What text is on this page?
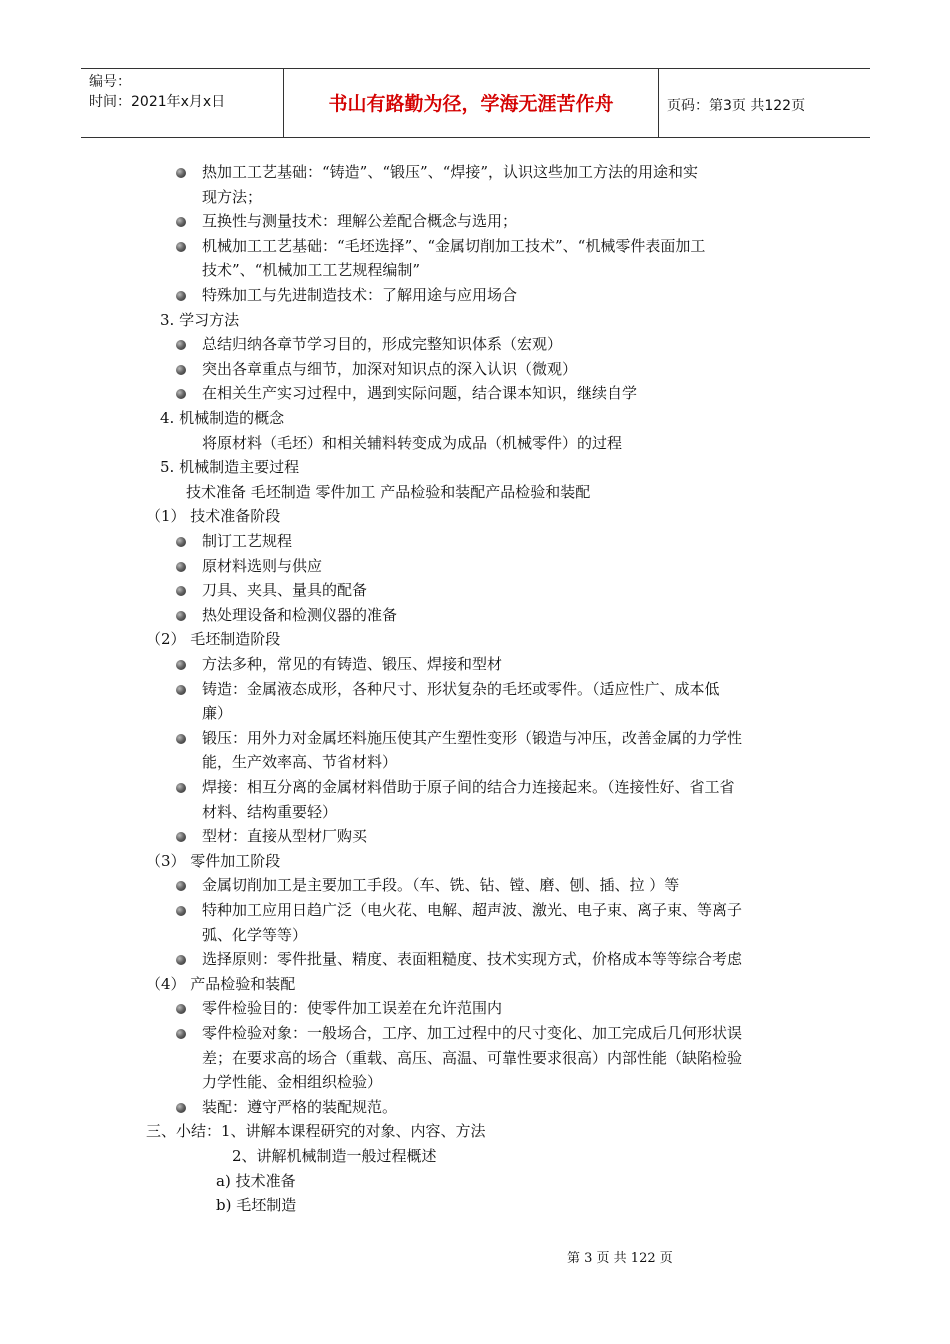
编号：
时间：2021年x月x日	书山有路勤为径，学海无涯苦作舟	页码：第3页 共122页
热加工工艺基础：“铸造”、“锻压”、“焊接”，认识这些加工方法的用途和实
现方法；
互换性与测量技术：理解公差配合概念与选用；
机械加工工艺基础：“毛坯选择”、“金属切削加工技术”、“机械零件表面加工
技术”、“机械加工工艺规程编制”
特殊加工与先进制造技术：了解用途与应用场合
3. 学习方法
总结归纳各章节学习目的，形成完整知识体系（宏观）
突出各章重点与细节，加深对知识点的深入认识（微观）
在相关生产实习过程中，遇到实际问题，结合课本知识，继续自学
4. 机械制造的概念
将原材料（毛坯）和相关辅料转变成为成品（机械零件）的过程
5. 机械制造主要过程
技术准备 毛坯制造 零件加工 产品检验和装配产品检验和装配
（1） 技术准备阶段
制订工艺规程
原材料选则与供应
刀具、夹具、量具的配备
热处理设备和检测仪器的准备
（2） 毛坯制造阶段
方法多种，常见的有铸造、锻压、焊接和型材
铸造：金属液态成形，各种尺寸、形状复杂的毛坯或零件。（适应性广、成本低
廉）
锻压：用外力对金属坯料施压使其产生塑性变形（锻造与冲压，改善金属的力学性
能，生产效率高、节省材料）
焊接：相互分离的金属材料借助于原子间的结合力连接起来。（连接性好、省工省
材料、结构重要轻）
型材：直接从型材厂购买
（3） 零件加工阶段
金属切削加工是主要加工手段。（车、铣、钻、镗、磨、刨、插、拉 ）等
特种加工应用日趋广泛（电火花、电解、超声波、激光、电子束、离子束、等离子
弧、化学等等）
选择原则：零件批量、精度、表面粗糙度、技术实现方式，价格成本等等综合考虑
（4） 产品检验和装配
零件检验目的：使零件加工误差在允许范围内
零件检验对象：一般场合，工序、加工过程中的尺寸变化、加工完成后几何形状误
差；在要求高的场合（重载、高压、高温、可靠性要求很高）内部性能（缺陷检验
力学性能、金相组织检验）
装配：遵守严格的装配规范。
三、小结：1、讲解本课程研究的对象、内容、方法
2、讲解机械制造一般过程概述
a) 技术准备
b) 毛坯制造
第 3 页 共 122 页
